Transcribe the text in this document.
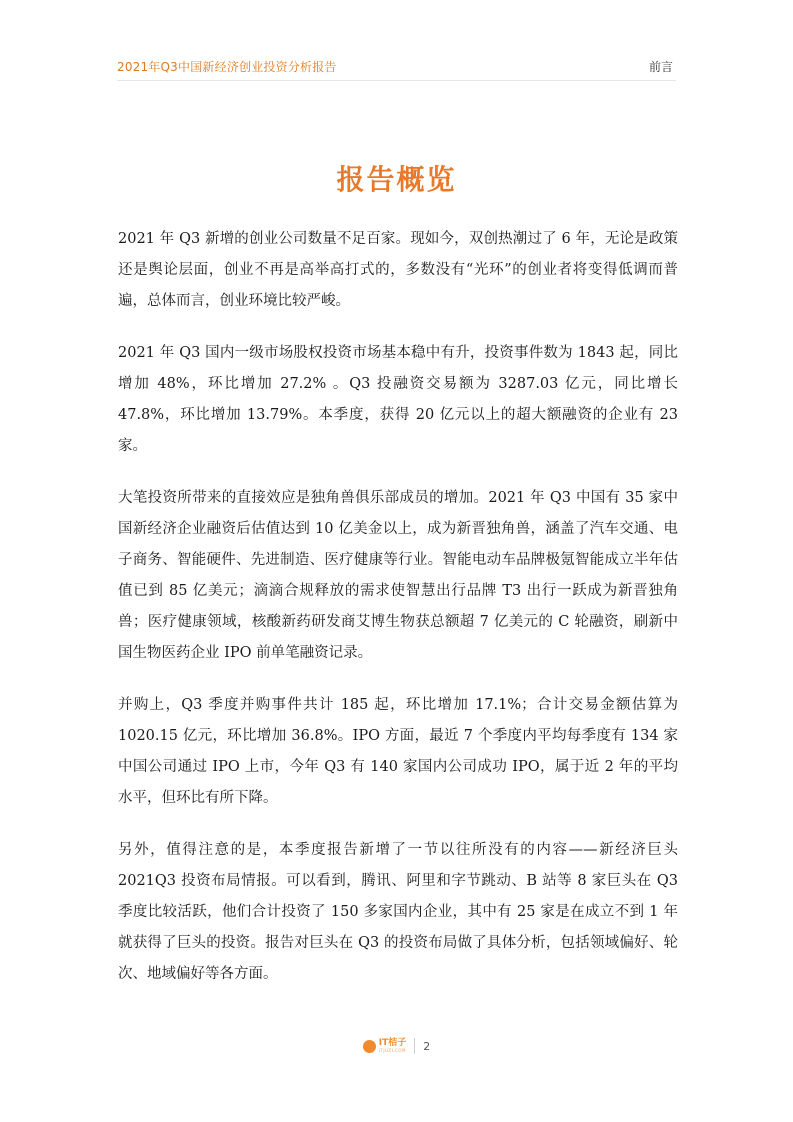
2021年Q3中国新经济创业投资分析报告	前言
报告概览

2021 年 Q3 新增的创业公司数量不足百家。现如今，双创热潮过了 6 年，无论是政策还是舆论层面，创业不再是高举高打式的，多数没有“光环”的创业者将变得低调而普遍，总体而言，创业环境比较严峻。

2021 年 Q3 国内一级市场股权投资市场基本稳中有升，投资事件数为 1843 起，同比增加 48%，环比增加 27.2% 。Q3 投融资交易额为 3287.03 亿元，同比增长 47.8%，环比增加 13.79%。本季度，获得 20 亿元以上的超大额融资的企业有 23 家。

大笔投资所带来的直接效应是独角兽俱乐部成员的增加。2021 年 Q3 中国有 35 家中国新经济企业融资后估值达到 10 亿美金以上，成为新晋独角兽，涵盖了汽车交通、电子商务、智能硬件、先进制造、医疗健康等行业。智能电动车品牌极氪智能成立半年估值已到 85 亿美元；滴滴合规释放的需求使智慧出行品牌 T3 出行一跃成为新晋独角兽；医疗健康领域，核酸新药研发商艾博生物获总额超 7 亿美元的 C 轮融资，刷新中国生物医药企业 IPO 前单笔融资记录。

并购上，Q3 季度并购事件共计 185 起，环比增加 17.1%；合计交易金额估算为 1020.15 亿元，环比增加 36.8%。IPO 方面，最近 7 个季度内平均每季度有 134 家中国公司通过 IPO 上市，今年 Q3 有 140 家国内公司成功 IPO，属于近 2 年的平均水平，但环比有所下降。

另外，值得注意的是，本季度报告新增了一节以往所没有的内容——新经济巨头 2021Q3 投资布局情报。可以看到，腾讯、阿里和字节跳动、B 站等 8 家巨头在 Q3 季度比较活跃，他们合计投资了 150 多家国内企业，其中有 25 家是在成立不到 1 年就获得了巨头的投资。报告对巨头在 Q3 的投资布局做了具体分析，包括领域偏好、轮次、地域偏好等各方面。

IT桔子
ITJUZI.COM 2
